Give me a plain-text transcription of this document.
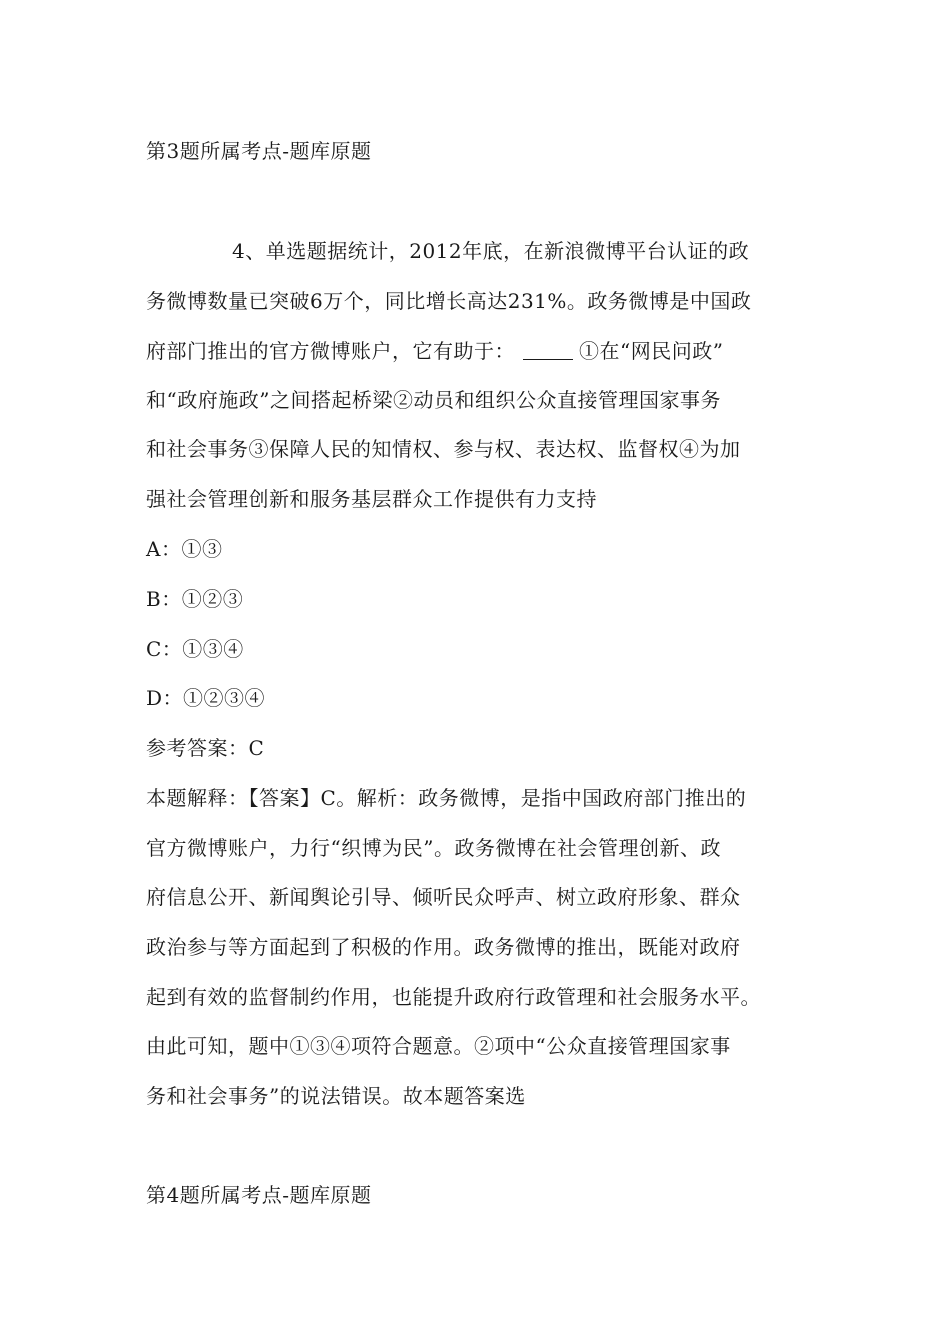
第3题所属考点-题库原题
4、单选题据统计，2012年底，在新浪微博平台认证的政
务微博数量已突破6万个，同比增长高达231%。政务微博是中国政
府部门推出的官方微博账户，它有助于：	①在“网民问政”
和“政府施政”之间搭起桥梁②动员和组织公众直接管理国家事务
和社会事务③保障人民的知情权、参与权、表达权、监督权④为加
强社会管理创新和服务基层群众工作提供有力支持
A：①③
B：①②③
C：①③④
D：①②③④
参考答案：C
本题解释：【答案】C。解析：政务微博，是指中国政府部门推出的
官方微博账户，力行“织博为民”。政务微博在社会管理创新、政
府信息公开、新闻舆论引导、倾听民众呼声、树立政府形象、群众
政治参与等方面起到了积极的作用。政务微博的推出，既能对政府
起到有效的监督制约作用，也能提升政府行政管理和社会服务水平。
由此可知，题中①③④项符合题意。②项中“公众直接管理国家事
务和社会事务”的说法错误。故本题答案选
第4题所属考点-题库原题
